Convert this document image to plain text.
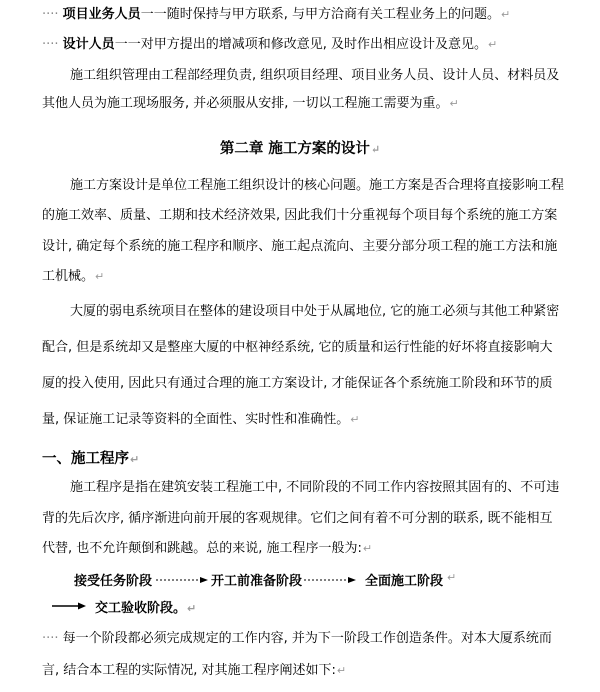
···· 项目业务人员一一随时保持与甲方联系, 与甲方洽商有关工程业务上的问题。↵
···· 设计人员一一对甲方提出的增减项和修改意见, 及时作出相应设计及意见。↵
施工组织管理由工程部经理负责, 组织项目经理、项目业务人员、设计人员、材料员及
其他人员为施工现场服务, 并必须服从安排, 一切以工程施工需要为重。↵
第二章 施工方案的设计↵
施工方案设计是单位工程施工组织设计的核心问题。施工方案是否合理将直接影响工程
的施工效率、质量、工期和技术经济效果, 因此我们十分重视每个项目每个系统的施工方案
设计, 确定每个系统的施工程序和顺序、施工起点流向、主要分部分项工程的施工方法和施
工机械。↵
大厦的弱电系统项目在整体的建设项目中处于从属地位, 它的施工必须与其他工种紧密
配合, 但是系统却又是整座大厦的中枢神经系统, 它的质量和运行性能的好坏将直接影响大
厦的投入使用, 因此只有通过合理的施工方案设计, 才能保证各个系统施工阶段和环节的质
量, 保证施工记录等资料的全面性、实时性和准确性。↵
一、施工程序↵
施工程序是指在建筑安装工程施工中, 不同阶段的不同工作内容按照其固有的、不可违
背的先后次序, 循序渐进向前开展的客观规律。它们之间有着不可分割的联系, 既不能相互
代替, 也不允许颠倒和跳越。总的来说, 施工程序一般为:↵
接受任务阶段	开工前准备阶段	全面施工阶段 ↵
交工验收阶段。↵
···· 每一个阶段都必须完成规定的工作内容, 并为下一阶段工作创造条件。对本大厦系统而
言, 结合本工程的实际情况, 对其施工程序阐述如下:↵
